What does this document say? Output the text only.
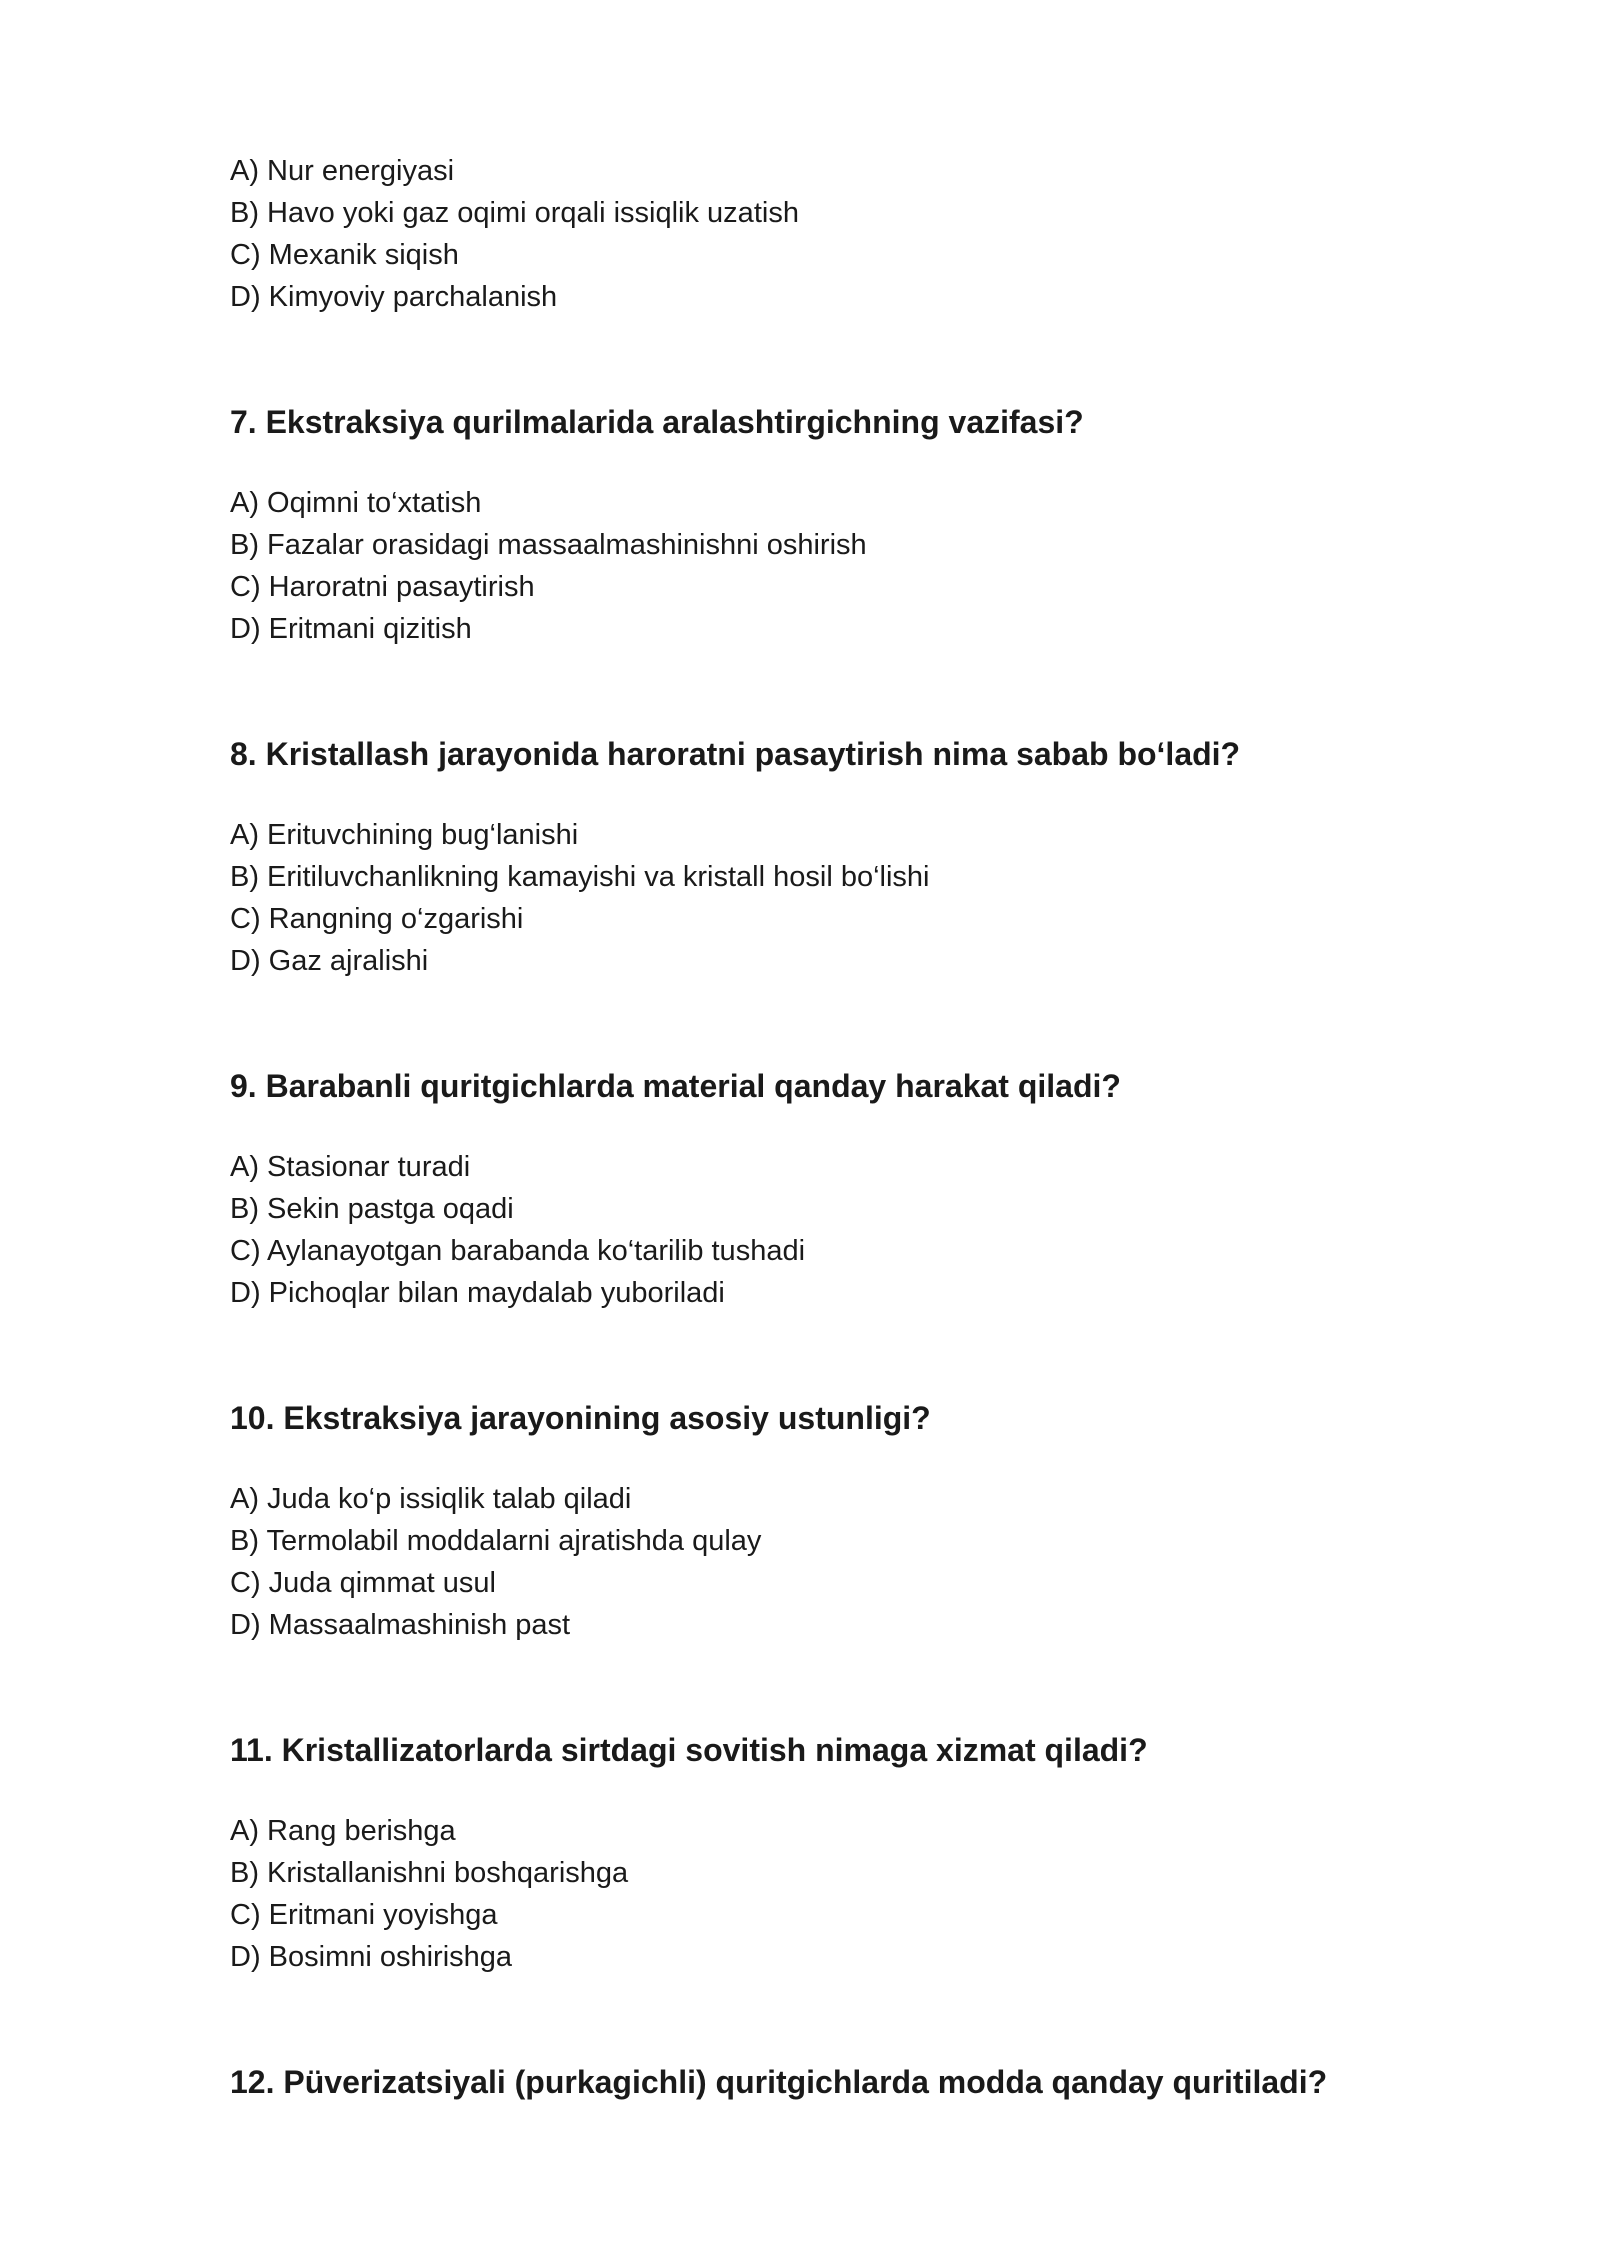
A) Nur energiyasi
B) Havo yoki gaz oqimi orqali issiqlik uzatish
C) Mexanik siqish
D) Kimyoviy parchalanish
7. Ekstraksiya qurilmalarida aralashtirgichning vazifasi?
A) Oqimni to‘xtatish
B) Fazalar orasidagi massaalmashinishni oshirish
C) Haroratni pasaytirish
D) Eritmani qizitish
8. Kristallash jarayonida haroratni pasaytirish nima sabab bo‘ladi?
A) Erituvchining bug‘lanishi
B) Eritiluvchanlikning kamayishi va kristall hosil bo‘lishi
C) Rangning o‘zgarishi
D) Gaz ajralishi
9. Barabanli quritgichlarda material qanday harakat qiladi?
A) Stasionar turadi
B) Sekin pastga oqadi
C) Aylanayotgan barabanda ko‘tarilib tushadi
D) Pichoqlar bilan maydalab yuboriladi
10. Ekstraksiya jarayonining asosiy ustunligi?
A) Juda ko‘p issiqlik talab qiladi
B) Termolabil moddalarni ajratishda qulay
C) Juda qimmat usul
D) Massaalmashinish past
11. Kristallizatorlarda sirtdagi sovitish nimaga xizmat qiladi?
A) Rang berishga
B) Kristallanishni boshqarishga
C) Eritmani yoyishga
D) Bosimni oshirishga
12. Püverizatsiyali (purkagichli) quritgichlarda modda qanday quritiladi?
